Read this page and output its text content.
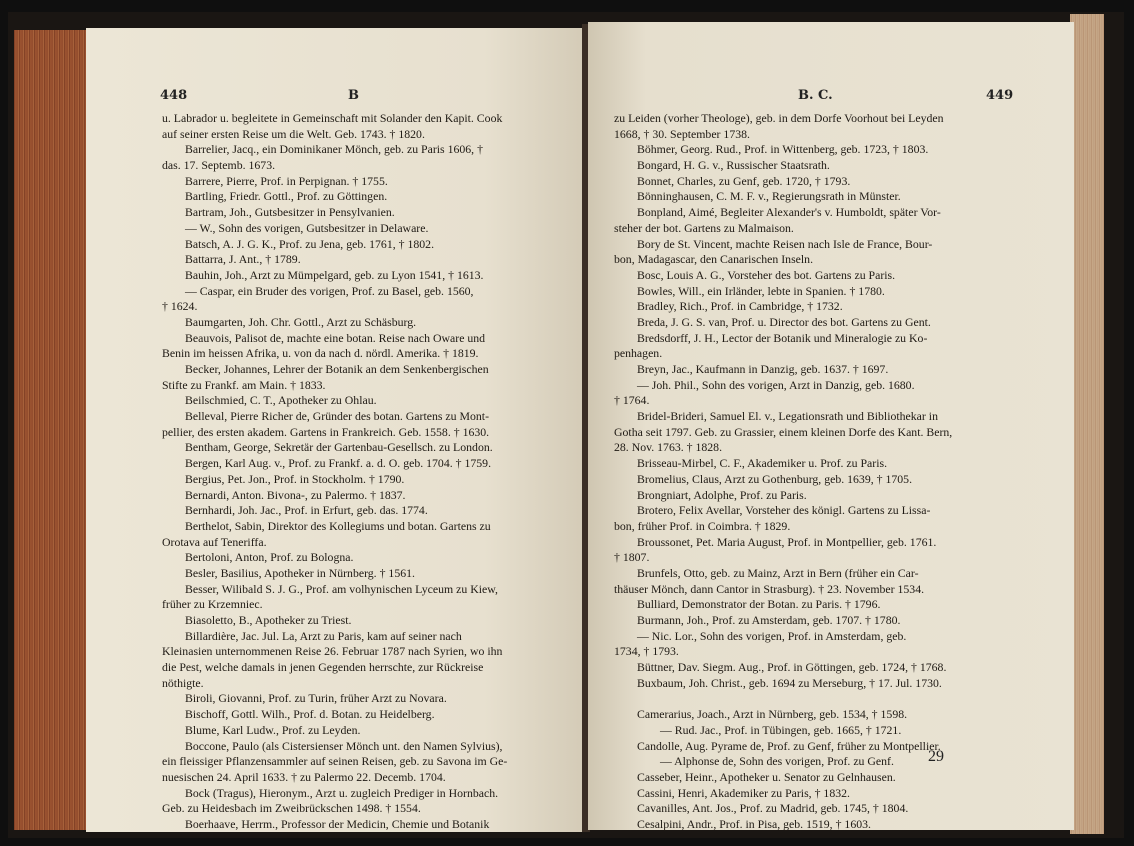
448	B
u. Labrador u. begleitete in Gemeinschaft mit Solander den Kapit. Cook
auf seiner ersten Reise um die Welt. Geb. 1743. † 1820.
Barrelier, Jacq., ein Dominikaner Mönch, geb. zu Paris 1606, †
das. 17. Septemb. 1673.
Barrere, Pierre, Prof. in Perpignan. † 1755.
Bartling, Friedr. Gottl., Prof. zu Göttingen.
Bartram, Joh., Gutsbesitzer in Pensylvanien.
— W., Sohn des vorigen, Gutsbesitzer in Delaware.
Batsch, A. J. G. K., Prof. zu Jena, geb. 1761, † 1802.
Battarra, J. Ant., † 1789.
Bauhin, Joh., Arzt zu Mümpelgard, geb. zu Lyon 1541, † 1613.
— Caspar, ein Bruder des vorigen, Prof. zu Basel, geb. 1560,
† 1624.
Baumgarten, Joh. Chr. Gottl., Arzt zu Schäsburg.
Beauvois, Palisot de, machte eine botan. Reise nach Oware und
Benin im heissen Afrika, u. von da nach d. nördl. Amerika. † 1819.
Becker, Johannes, Lehrer der Botanik an dem Senkenbergischen
Stifte zu Frankf. am Main. † 1833.
Beilschmied, C. T., Apotheker zu Ohlau.
Belleval, Pierre Richer de, Gründer des botan. Gartens zu Mont-
pellier, des ersten akadem. Gartens in Frankreich. Geb. 1558. † 1630.
Bentham, George, Sekretär der Gartenbau-Gesellsch. zu London.
Bergen, Karl Aug. v., Prof. zu Frankf. a. d. O. geb. 1704. † 1759.
Bergius, Pet. Jon., Prof. in Stockholm. † 1790.
Bernardi, Anton. Bivona-, zu Palermo. † 1837.
Bernhardi, Joh. Jac., Prof. in Erfurt, geb. das. 1774.
Berthelot, Sabin, Direktor des Kollegiums und botan. Gartens zu
Orotava auf Teneriffa.
Bertoloni, Anton, Prof. zu Bologna.
Besler, Basilius, Apotheker in Nürnberg. † 1561.
Besser, Wilibald S. J. G., Prof. am volhynischen Lyceum zu Kiew,
früher zu Krzemniec.
Biasoletto, B., Apotheker zu Triest.
Billardière, Jac. Jul. La, Arzt zu Paris, kam auf seiner nach
Kleinasien unternommenen Reise 26. Februar 1787 nach Syrien, wo ihn
die Pest, welche damals in jenen Gegenden herrschte, zur Rückreise
nöthigte.
Biroli, Giovanni, Prof. zu Turin, früher Arzt zu Novara.
Bischoff, Gottl. Wilh., Prof. d. Botan. zu Heidelberg.
Blume, Karl Ludw., Prof. zu Leyden.
Boccone, Paulo (als Cistersienser Mönch unt. den Namen Sylvius),
ein fleissiger Pflanzensammler auf seinen Reisen, geb. zu Savona im Ge-
nuesischen 24. April 1633. † zu Palermo 22. Decemb. 1704.
Bock (Tragus), Hieronym., Arzt u. zugleich Prediger in Hornbach.
Geb. zu Heidesbach im Zweibrückschen 1498. † 1554.
Boerhaave, Herrm., Professor der Medicin, Chemie und Botanik
B. C.	449
zu Leiden (vorher Theologe), geb. in dem Dorfe Voorhout bei Leyden
1668, † 30. September 1738.
Böhmer, Georg. Rud., Prof. in Wittenberg, geb. 1723, † 1803.
Bongard, H. G. v., Russischer Staatsrath.
Bonnet, Charles, zu Genf, geb. 1720, † 1793.
Bönninghausen, C. M. F. v., Regierungsrath in Münster.
Bonpland, Aimé, Begleiter Alexander's v. Humboldt, später Vor-
steher der bot. Gartens zu Malmaison.
Bory de St. Vincent, machte Reisen nach Isle de France, Bour-
bon, Madagascar, den Canarischen Inseln.
Bosc, Louis A. G., Vorsteher des bot. Gartens zu Paris.
Bowles, Will., ein Irländer, lebte in Spanien. † 1780.
Bradley, Rich., Prof. in Cambridge, † 1732.
Breda, J. G. S. van, Prof. u. Director des bot. Gartens zu Gent.
Bredsdorff, J. H., Lector der Botanik und Mineralogie zu Ko-
penhagen.
Breyn, Jac., Kaufmann in Danzig, geb. 1637. † 1697.
— Joh. Phil., Sohn des vorigen, Arzt in Danzig, geb. 1680.
† 1764.
Bridel-Brideri, Samuel El. v., Legationsrath und Bibliothekar in
Gotha seit 1797. Geb. zu Grassier, einem kleinen Dorfe des Kant. Bern,
28. Nov. 1763. † 1828.
Brisseau-Mirbel, C. F., Akademiker u. Prof. zu Paris.
Bromelius, Claus, Arzt zu Gothenburg, geb. 1639, † 1705.
Brongniart, Adolphe, Prof. zu Paris.
Brotero, Felix Avellar, Vorsteher des königl. Gartens zu Lissa-
bon, früher Prof. in Coimbra. † 1829.
Broussonet, Pet. Maria August, Prof. in Montpellier, geb. 1761.
† 1807.
Brunfels, Otto, geb. zu Mainz, Arzt in Bern (früher ein Car-
thäuser Mönch, dann Cantor in Strasburg). † 23. November 1534.
Bulliard, Demonstrator der Botan. zu Paris. † 1796.
Burmann, Joh., Prof. zu Amsterdam, geb. 1707. † 1780.
— Nic. Lor., Sohn des vorigen, Prof. in Amsterdam, geb.
1734, † 1793.
Büttner, Dav. Siegm. Aug., Prof. in Göttingen, geb. 1724, † 1768.
Buxbaum, Joh. Christ., geb. 1694 zu Merseburg, † 17. Jul. 1730.
Camerarius, Joach., Arzt in Nürnberg, geb. 1534, † 1598.
— Rud. Jac., Prof. in Tübingen, geb. 1665, † 1721.
Candolle, Aug. Pyrame de, Prof. zu Genf, früher zu Montpellier.
— Alphonse de, Sohn des vorigen, Prof. zu Genf.
Casseber, Heinr., Apotheker u. Senator zu Gelnhausen.
Cassini, Henri, Akademiker zu Paris, † 1832.
Cavanilles, Ant. Jos., Prof. zu Madrid, geb. 1745, † 1804.
Cesalpini, Andr., Prof. in Pisa, geb. 1519, † 1603.
29
